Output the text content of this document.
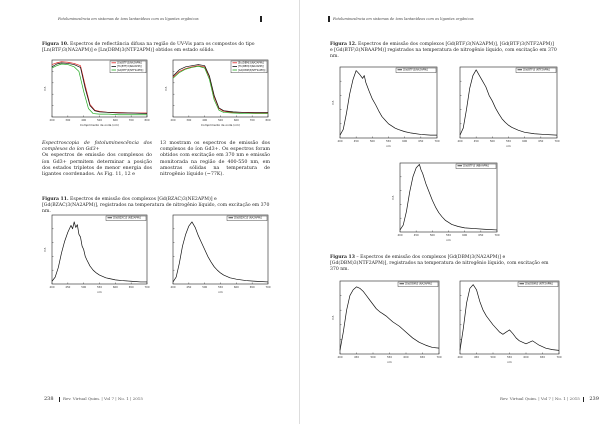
Fotoluminesência em sistemas de íons lantanídeos com os ligantes orgânicos
Figura 10. Espectros de reflectância difusa na região do UV-Vis para os compostos do tipo [Ln(BTF)3(NA2APM)] e [Ln(DBM)3(NTF2APM)] obtidos em estado sólido.
200	300	400	500	600	700	800
Comprimento de onda (nm)
u.a.
[Gd(BTF)3(NA2APM)]
[Tb(BTF)3(NA2APM)]
[Gd(BTF)3(NTF2APM)]
200	300	400	500	600	700	800
Comprimento de onda (nm)
u.a.
[Eu(DBM)3(NA2APM)]
[Tb(DBM)3(NA2APM)]
[Gd(DBM)3(NTF2APM)]
Espectroscopia de fotoluminescência dos complexos do íon Gd3+
Os espectros de emissão dos complexos do íon Gd3+ permitem determinar a posição dos estados tripletos de menor energia dos ligantes coordenados. As Fig. 11, 12 e
13 mostram os espectros de emissão dos complexos do íon Gd3+. Os espectros foram obtidos com excitação em 370 nm e emissão monitorada na região de 400-550 nm, em amostras sólidas na temperatura de nitrogênio líquido (~77K).
Figura 11. Espectros de emissão dos complexos [Gd(BZAC)3(NE2APM)] e [Gd(BZAC)3(NA2APM)], registrados na temperatura de nitrogênio líquido, com excitação em 370 nm.
400	450	500	550	600	650	700
nm
u.a.
[Gd(BZAC)3 (NE2APM)]
400	450	500	550	600	650	700
nm
[Gd(BZAC)3 (NA2APM)]
238 Rev. Virtual Quim. | Vol 7 | No. 1 | 2015
Fotoluminesência em sistemas de íons lantanídeos com os ligantes orgânicos
Figura 12. Espectros de emissão dos complexos [Gd(BTF)3(NA2APM)], [Gd(BTF)3(NTF2APM)] e [Gd(BTF)3(NBAAPM)] registrados na temperatura de nitrogênio líquido, com excitação em 370 nm.
400	450	500	550	600	650	700
nm
u.a.
[Gd(BTF)3(NA2APM)]
400	450	500	550	600	650	700
nm
[Gd(BTF)3 (NTF2APM)]
400	450	500	550	600	650	700
nm
u.a.
[Gd(BTF)3 (NBAAPM)]
Figura 13 – Espectros de emissão dos complexos [Gd(DBM)3(NA2APM)] e [Gd(DBM)3(NTF2APM)], registrados na temperatura de nitrogênio líquido, com excitação em 370 nm.
400	450	500	550	600	650	700
nm
u.a.
[Gd(DBM)3 (NA2APM)]
400	450	500	550	600	650	700
nm
[Gd(DBM)3 (NTF2APM)]
Rev. Virtual Quim. | Vol 7 | No. 1 | 2015 239
